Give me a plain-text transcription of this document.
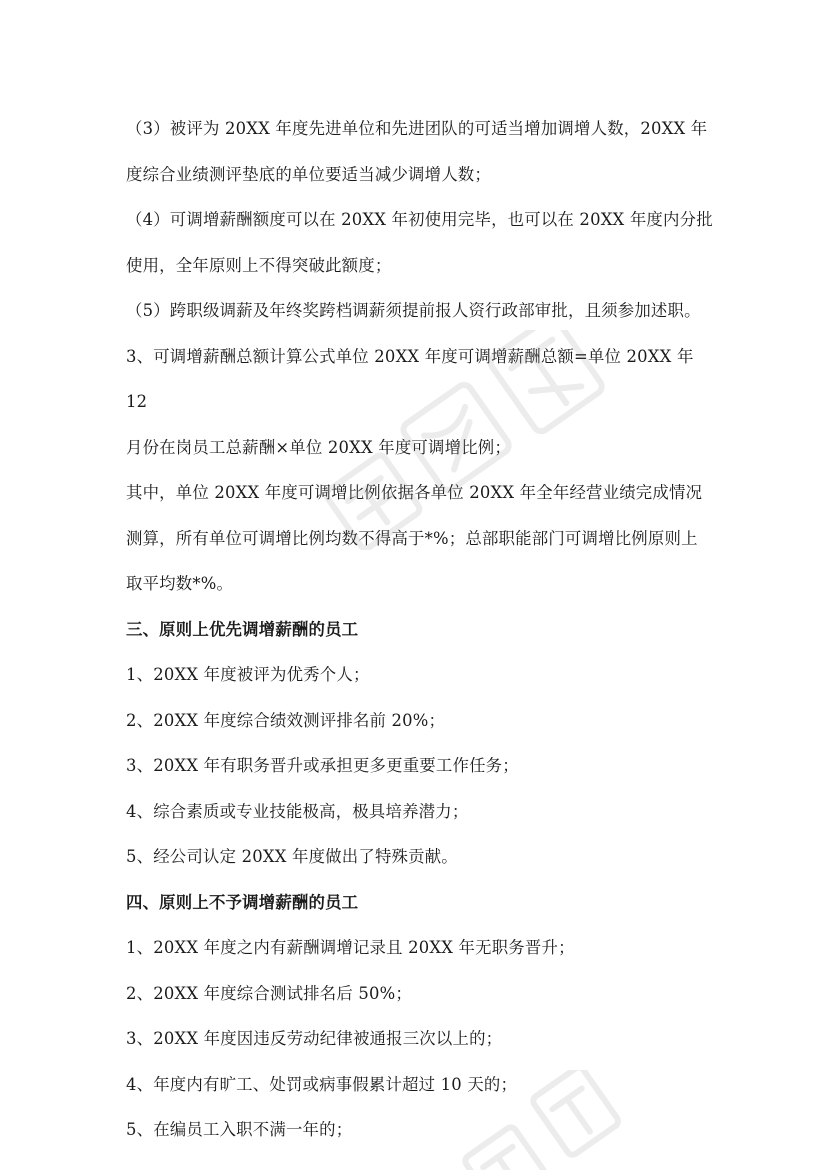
（3）被评为 20XX 年度先进单位和先进团队的可适当增加调增人数，20XX 年

度综合业绩测评垫底的单位要适当减少调增人数；

（4）可调增薪酬额度可以在 20XX 年初使用完毕，也可以在 20XX 年度内分批

使用，全年原则上不得突破此额度；

（5）跨职级调薪及年终奖跨档调薪须提前报人资行政部审批，且须参加述职。

3、可调增薪酬总额计算公式单位 20XX 年度可调增薪酬总额=单位 20XX 年 12

月份在岗员工总薪酬×单位 20XX 年度可调增比例；

其中，单位 20XX 年度可调增比例依据各单位 20XX 年全年经营业绩完成情况

测算，所有单位可调增比例均数不得高于*%；总部职能部门可调增比例原则上

取平均数*%。

三、原则上优先调增薪酬的员工

1、20XX 年度被评为优秀个人；

2、20XX 年度综合绩效测评排名前 20%；

3、20XX 年有职务晋升或承担更多更重要工作任务；

4、综合素质或专业技能极高，极具培养潜力；

5、经公司认定 20XX 年度做出了特殊贡献。

四、原则上不予调增薪酬的员工

1、20XX 年度之内有薪酬调增记录且 20XX 年无职务晋升；

2、20XX 年度综合测试排名后 50%；

3、20XX 年度因违反劳动纪律被通报三次以上的；

4、年度内有旷工、处罚或病事假累计超过 10 天的；

5、在编员工入职不满一年的；
